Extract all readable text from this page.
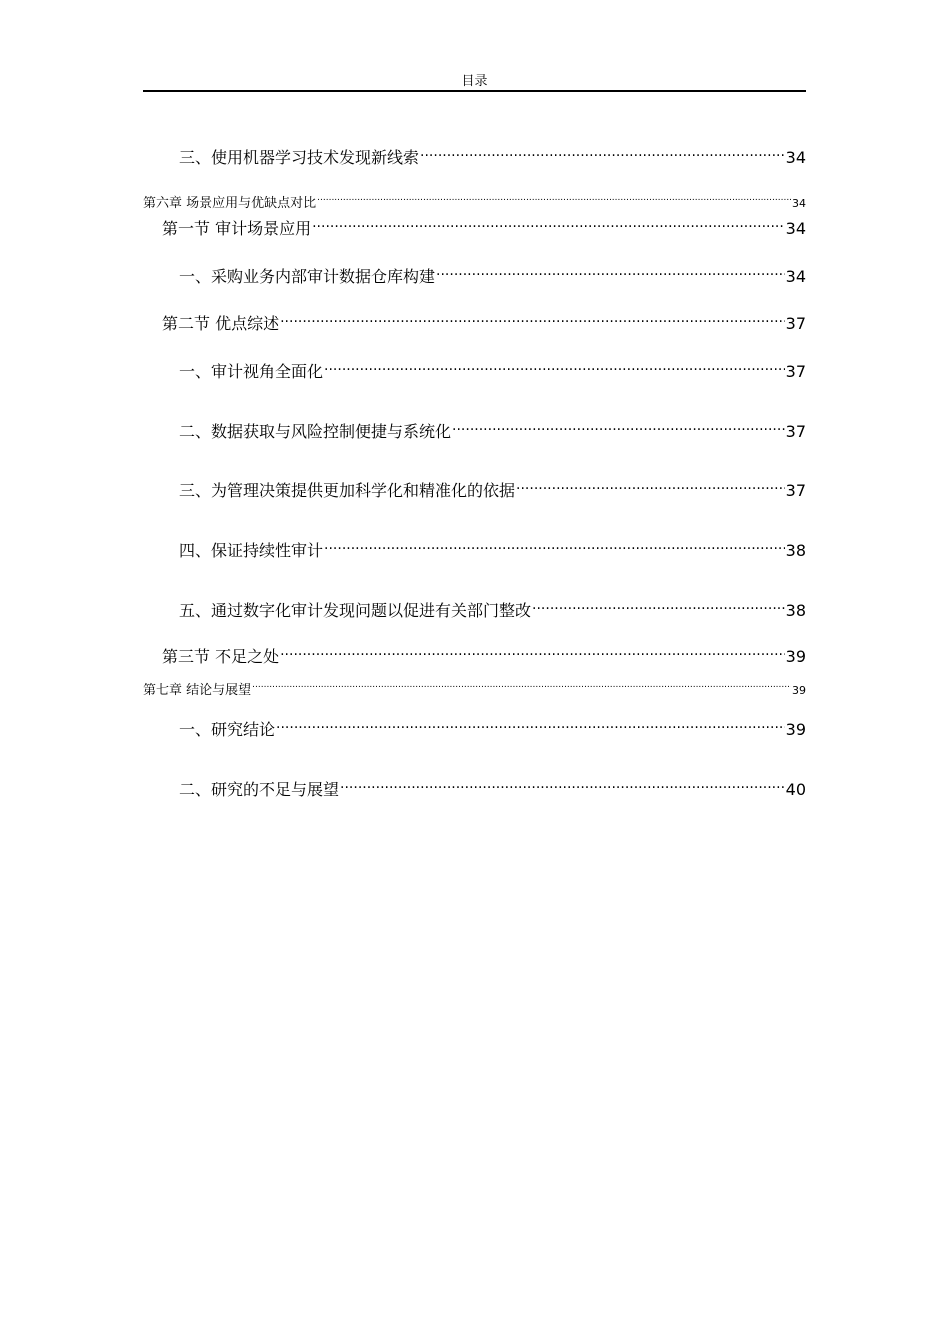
目录
三、使用机器学习技术发现新线索 .....	34
第六章 场景应用与优缺点对比 .....	34
第一节 审计场景应用 .....	34
一、采购业务内部审计数据仓库构建 .....	34
第二节 优点综述 .....	37
一、审计视角全面化 .....	37
二、数据获取与风险控制便捷与系统化 .....	37
三、为管理决策提供更加科学化和精准化的依据 .....	37
四、保证持续性审计 .....	38
五、通过数字化审计发现问题以促进有关部门整改 .....	38
第三节 不足之处 .....	39
第七章 结论与展望 .....	39
一、研究结论 .....	39
二、研究的不足与展望 .....	40
